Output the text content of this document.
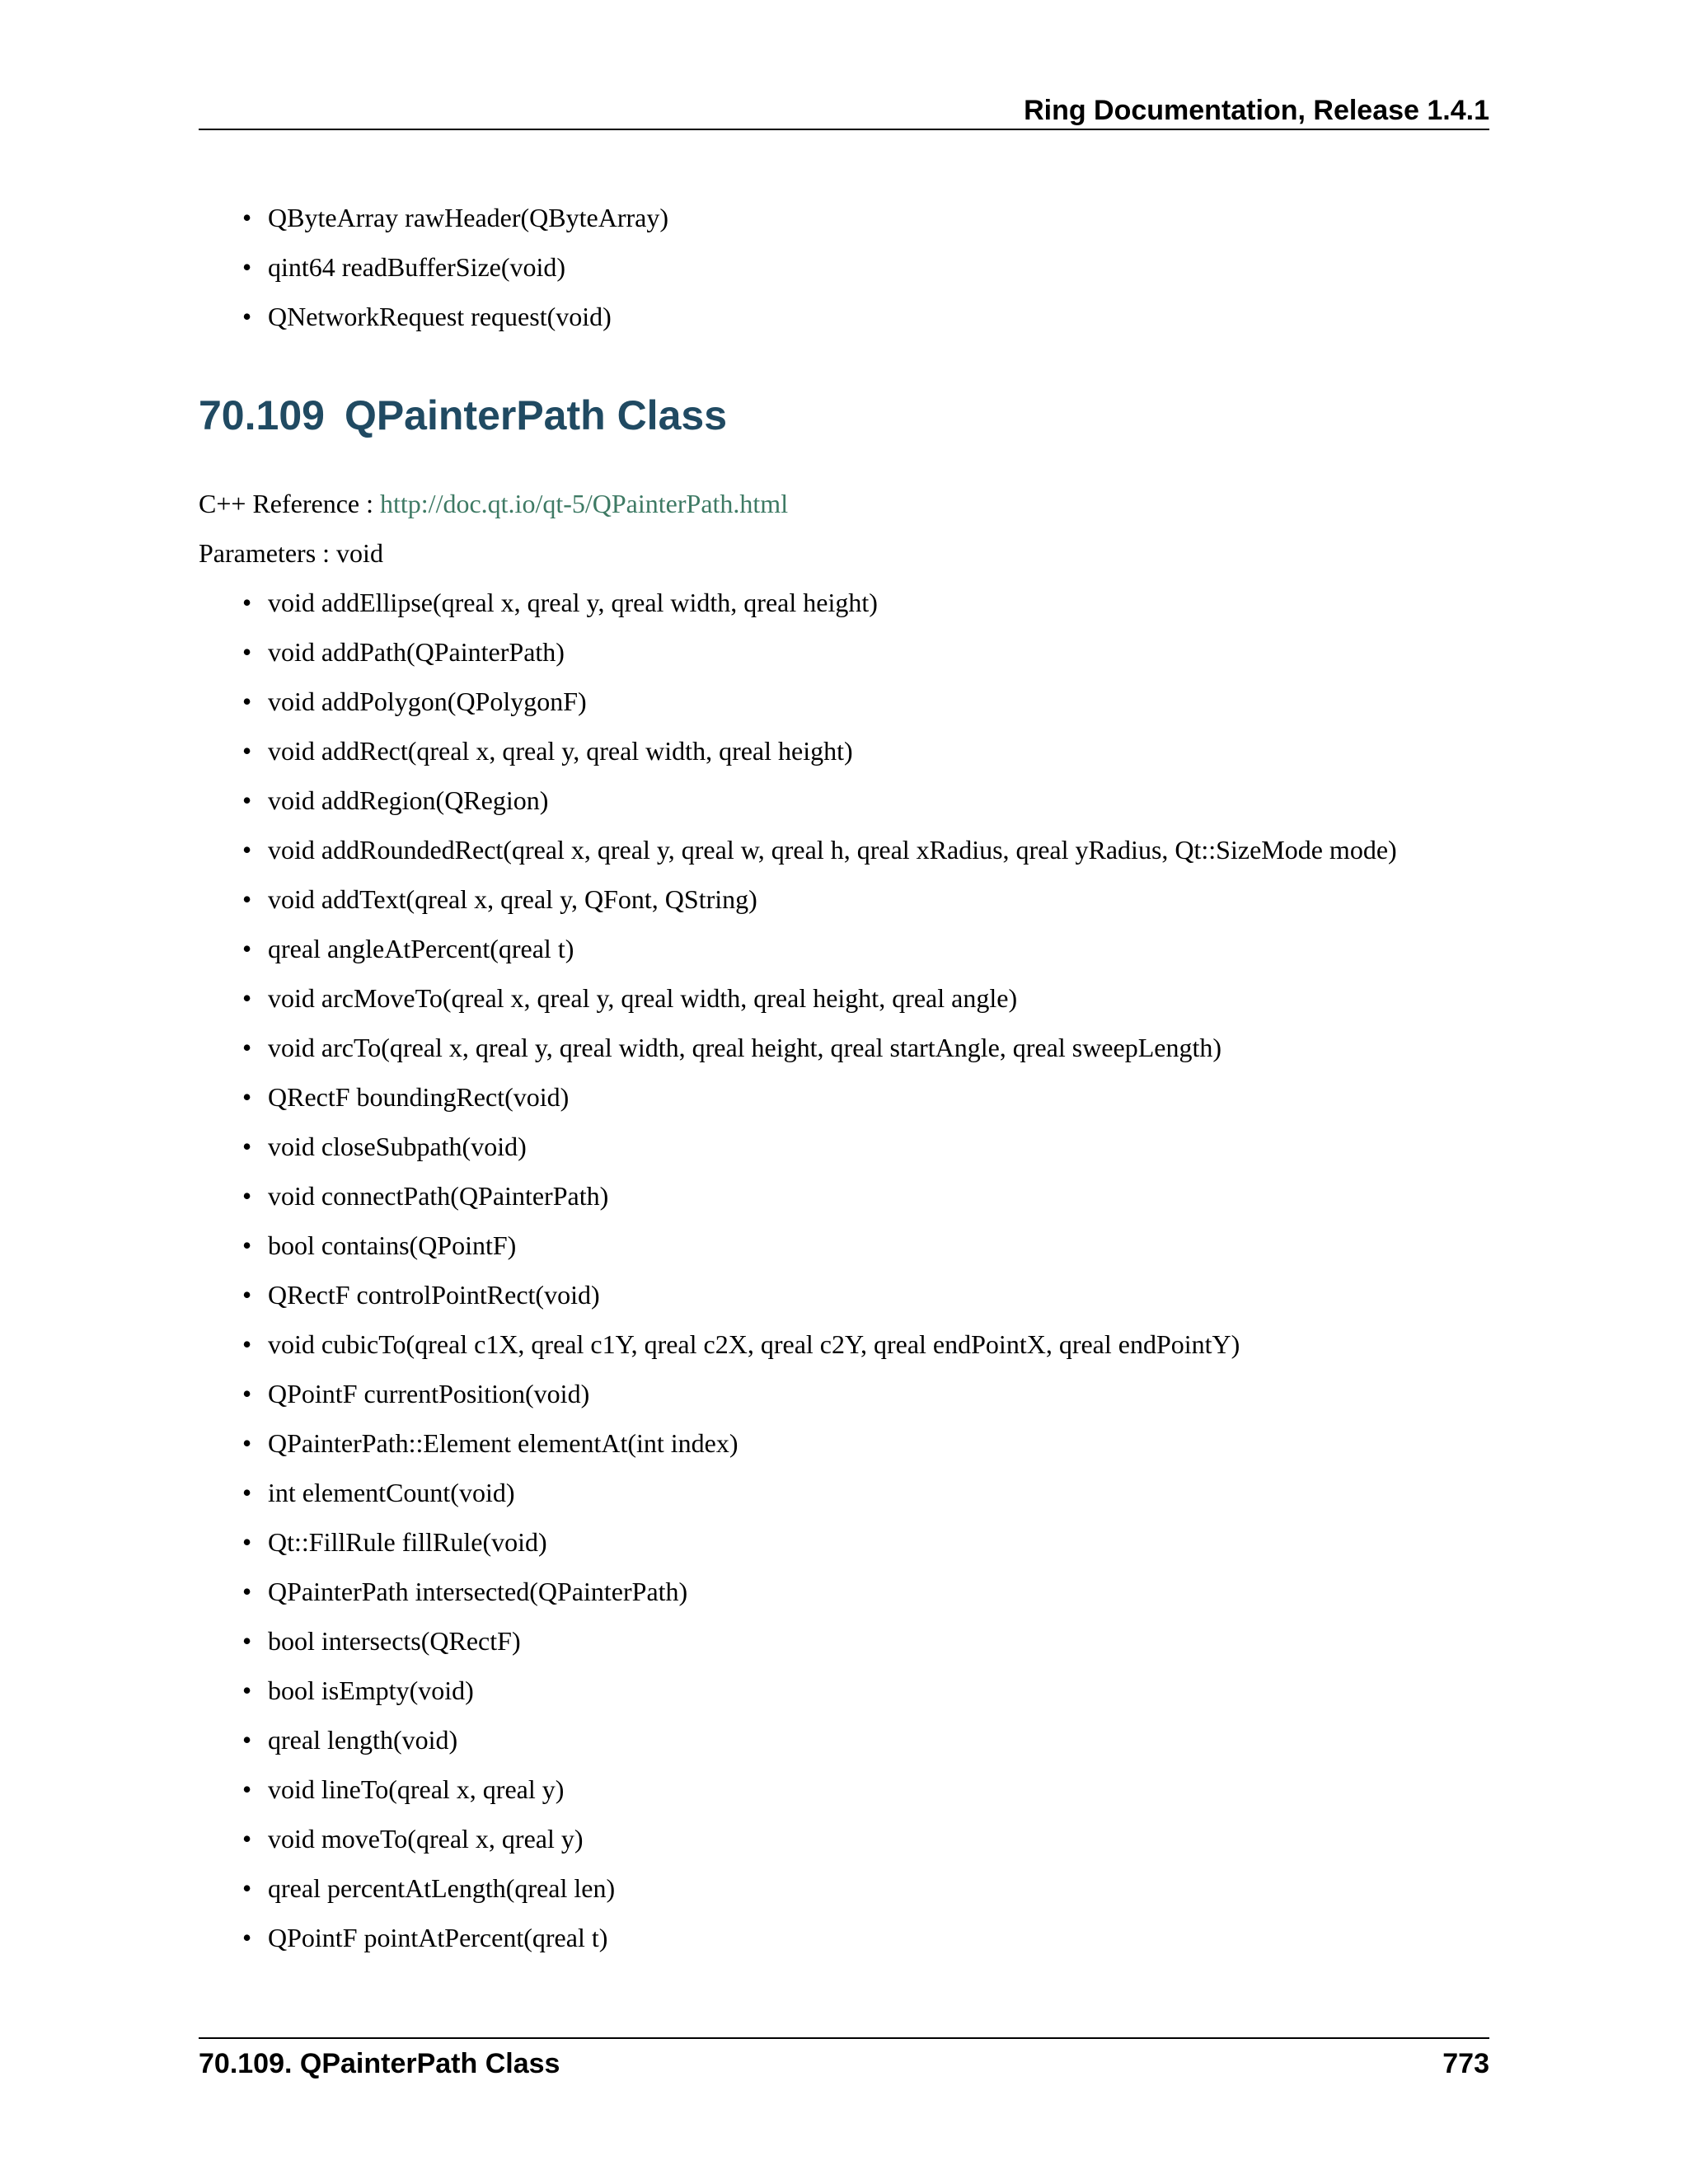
Ring Documentation, Release 1.4.1
• QByteArray rawHeader(QByteArray)
• qint64 readBufferSize(void)
• QNetworkRequest request(void)
70.109 QPainterPath Class
C++ Reference : http://doc.qt.io/qt-5/QPainterPath.html
Parameters : void
• void addEllipse(qreal x, qreal y, qreal width, qreal height)
• void addPath(QPainterPath)
• void addPolygon(QPolygonF)
• void addRect(qreal x, qreal y, qreal width, qreal height)
• void addRegion(QRegion)
• void addRoundedRect(qreal x, qreal y, qreal w, qreal h, qreal xRadius, qreal yRadius, Qt::SizeMode mode)
• void addText(qreal x, qreal y, QFont, QString)
• qreal angleAtPercent(qreal t)
• void arcMoveTo(qreal x, qreal y, qreal width, qreal height, qreal angle)
• void arcTo(qreal x, qreal y, qreal width, qreal height, qreal startAngle, qreal sweepLength)
• QRectF boundingRect(void)
• void closeSubpath(void)
• void connectPath(QPainterPath)
• bool contains(QPointF)
• QRectF controlPointRect(void)
• void cubicTo(qreal c1X, qreal c1Y, qreal c2X, qreal c2Y, qreal endPointX, qreal endPointY)
• QPointF currentPosition(void)
• QPainterPath::Element elementAt(int index)
• int elementCount(void)
• Qt::FillRule fillRule(void)
• QPainterPath intersected(QPainterPath)
• bool intersects(QRectF)
• bool isEmpty(void)
• qreal length(void)
• void lineTo(qreal x, qreal y)
• void moveTo(qreal x, qreal y)
• qreal percentAtLength(qreal len)
• QPointF pointAtPercent(qreal t)
70.109. QPainterPath Class	773
